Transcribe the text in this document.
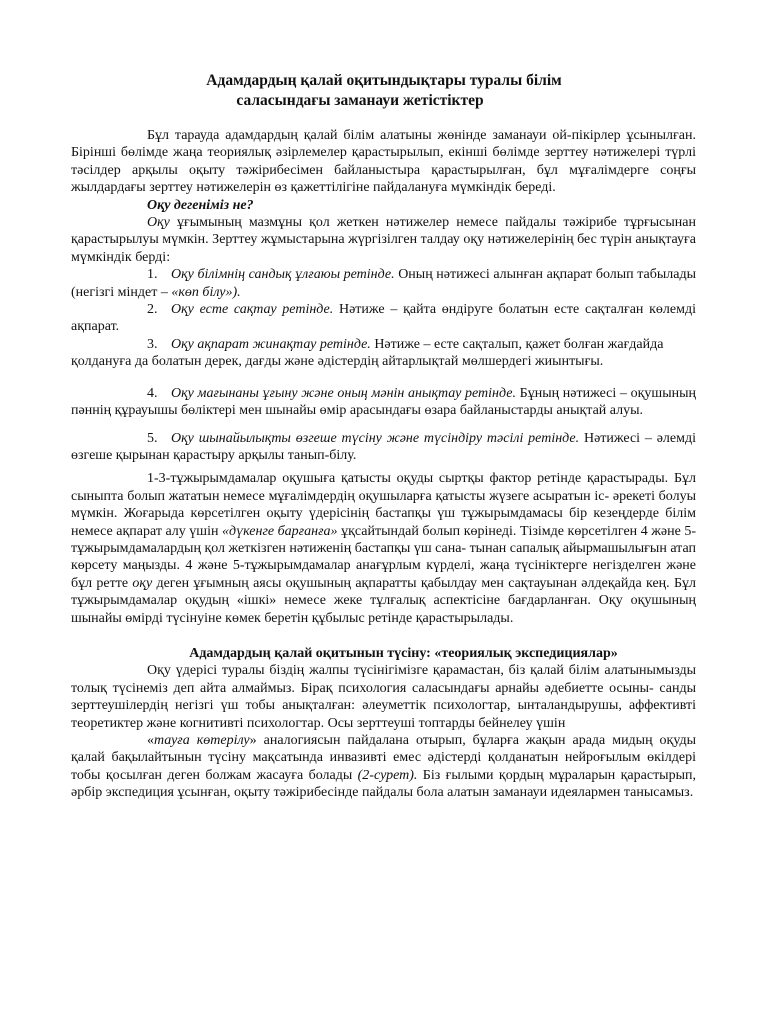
Адамдардың қалай оқитындықтары туралы білім
саласындағы заманауи жетістіктер

Бұл тарауда адамдардың қалай білім алатыны жөнінде заманауи ой-пікірлер ұсынылған. Бірінші бөлімде жаңа теориялық әзірлемелер қарастырылып, екінші бөлімде зерттеу нәтижелері түрлі тәсілдер арқылы оқыту тәжірибесімен байланыстыра қарастырылған, бұл мұғалімдерге соңғы жылдардағы зерттеу нәтижелерін өз қажеттілігіне пайдалануға мүмкіндік береді.

Оқу дегеніміз не?

Оқу ұғымының мазмұны қол жеткен нәтижелер немесе пайдалы тәжірибе тұрғысынан қарастырылуы мүмкін. Зерттеу жұмыстарына жүргізілген талдау оқу нәтижелерінің бес түрін анықтауға мүмкіндік берді:

1. Оқу білімнің сандық ұлғаюы ретінде. Оның нәтижесі алынған ақпарат болып табылады (негізгі міндет – «көп білу»).

2. Оқу есте сақтау ретінде. Нәтиже – қайта өндіруге болатын есте сақталған көлемді ақпарат.

3. Оқу ақпарат жинақтау ретінде. Нәтиже – есте сақталып, қажет болған жағдайда қолдануға да болатын дерек, дағды және әдістердің айтарлықтай мөлшердегі жиынтығы.

4. Оқу мағынаны ұғыну және оның мәнін анықтау ретінде. Бұның нәтижесі – оқушының пәннің құрауышы бөліктері мен шынайы өмір арасындағы өзара байланыстарды анықтай алуы.

5. Оқу шынайылықты өзгеше түсіну және түсіндіру тәсілі ретінде. Нәтижесі – әлемді өзгеше қырынан қарастыру арқылы танып-білу.

1-3-тұжырымдамалар оқушыға қатысты оқуды сыртқы фактор ретінде қарастырады. Бұл сыныпта болып жататын немесе мұғалімдердің оқушыларға қатысты жүзеге асыратын іс- әрекеті болуы мүмкін. Жоғарыда көрсетілген оқыту үдерісінің бастапқы үш тұжырымдамасы бір кезеңдерде білім немесе ақпарат алу үшін «дүкенге барғанға» ұқсайтындай болып көрінеді. Тізімде көрсетілген 4 және 5-тұжырымдамалардың қол жеткізген нәтиженің бастапқы үш сана- тынан сапалық айырмашылығын атап көрсету маңызды. 4 және 5-тұжырымдамалар анағұрлым күрделі, жаңа түсініктерге негізделген және бұл ретте оқу деген ұғымның аясы оқушының ақпаратты қабылдау мен сақтауынан әлдеқайда кең. Бұл тұжырымдамалар оқудың «ішкі» немесе жеке тұлғалық аспектісіне бағдарланған. Оқу оқушының шынайы өмірді түсінуіне көмек беретін құбылыс ретінде қарастырылады.

Адамдардың қалай оқитынын түсіну: «теориялық экспедициялар»

Оқу үдерісі туралы біздің жалпы түсінігімізге қарамастан, біз қалай білім алатынымызды толық түсінеміз деп айта алмаймыз. Бірақ психология саласындағы арнайы әдебиетте осыны- санды зерттеушілердің негізгі үш тобы анықталған: әлеуметтік психологтар, ынталандырушы, аффективті теоретиктер және когнитивті психологтар. Осы зерттеуші топтарды бейнелеу үшін

«тауға көтерілу» аналогиясын пайдалана отырып, бұларға жақын арада мидың оқуды қалай бақылайтынын түсіну мақсатында инвазивті емес әдістерді қолданатын нейроғылым өкілдері тобы қосылған деген болжам жасауға болады (2-сурет). Біз ғылыми қордың мұраларын қарастырып, әрбір экспедиция ұсынған, оқыту тәжірибесінде пайдалы бола алатын заманауи идеялармен танысамыз.
